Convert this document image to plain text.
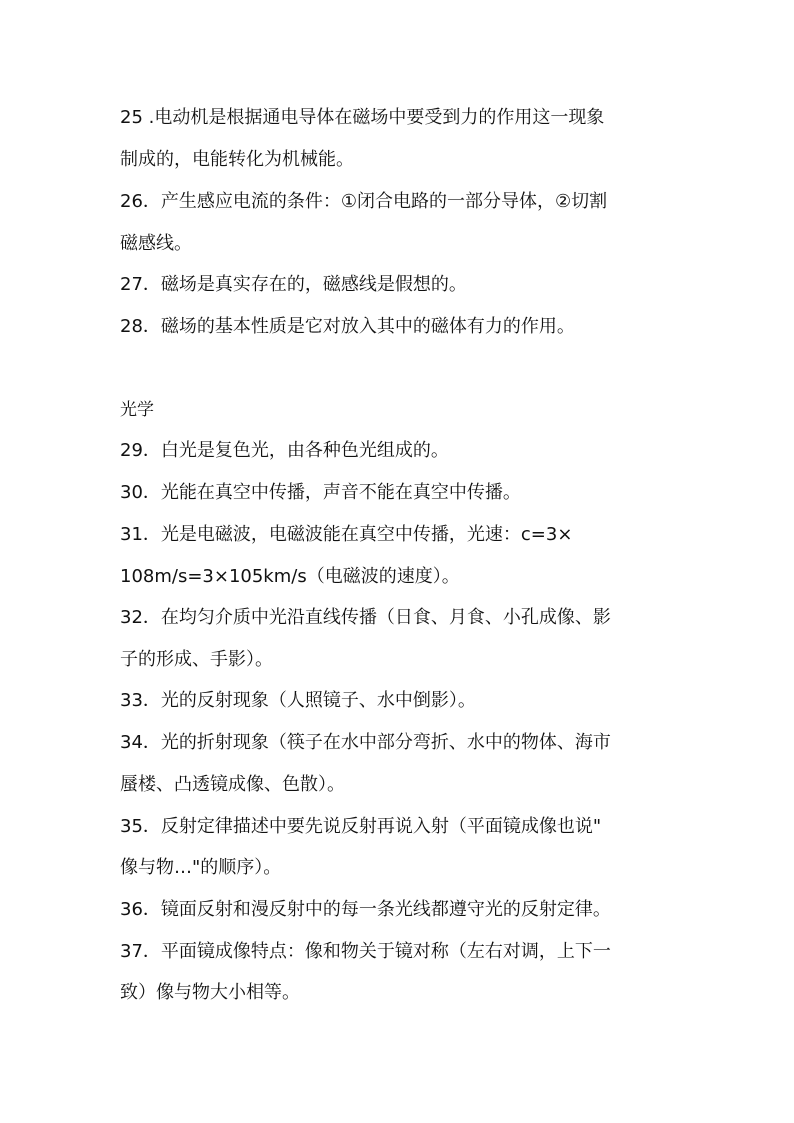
25 .电动机是根据通电导体在磁场中要受到力的作用这一现象
制成的，电能转化为机械能。
26．产生感应电流的条件：①闭合电路的一部分导体，②切割
磁感线。
27．磁场是真实存在的，磁感线是假想的。
28．磁场的基本性质是它对放入其中的磁体有力的作用。
光学
29．白光是复色光，由各种色光组成的。
30．光能在真空中传播，声音不能在真空中传播。
31．光是电磁波，电磁波能在真空中传播，光速：c=3×
108m/s=3×105km/s（电磁波的速度）。
32．在均匀介质中光沿直线传播（日食、月食、小孔成像、影
子的形成、手影）。
33．光的反射现象（人照镜子、水中倒影）。
34．光的折射现象（筷子在水中部分弯折、水中的物体、海市
蜃楼、凸透镜成像、色散）。
35．反射定律描述中要先说反射再说入射（平面镜成像也说"
像与物…"的顺序）。
36．镜面反射和漫反射中的每一条光线都遵守光的反射定律。
37．平面镜成像特点：像和物关于镜对称（左右对调，上下一
致）像与物大小相等。
